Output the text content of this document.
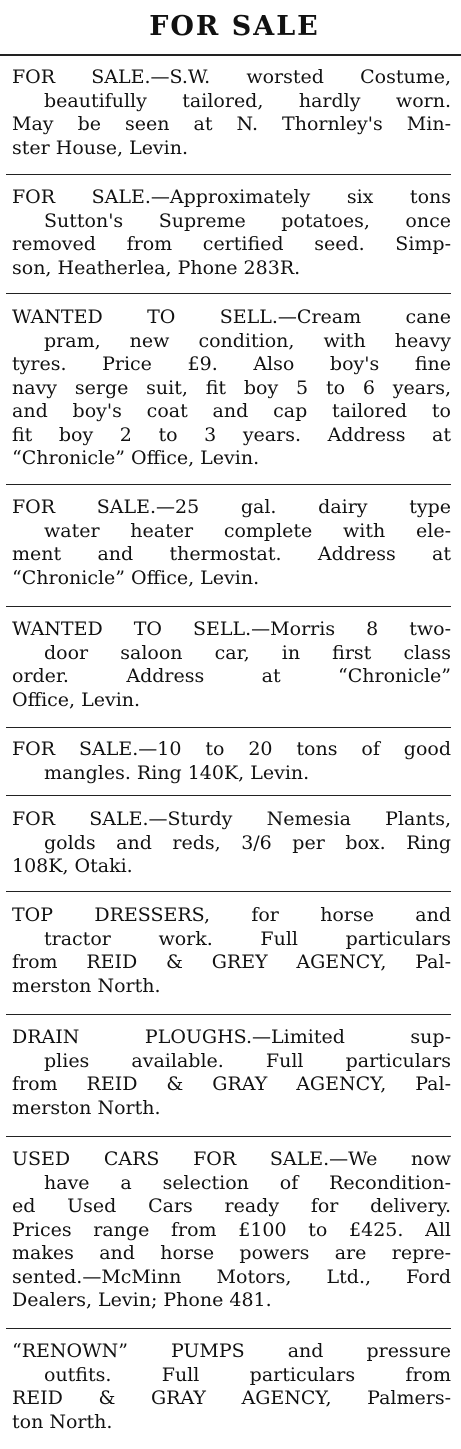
FOR SALE
FOR SALE.—S.W. worsted Costume,
beautifully tailored, hardly worn.
May be seen at N. Thornley's Min-
ster House, Levin.
FOR SALE.—Approximately six tons
Sutton's Supreme potatoes, once
removed from certified seed. Simp-
son, Heatherlea, Phone 283R.
WANTED TO SELL.—Cream cane
pram, new condition, with heavy
tyres. Price £9. Also boy's fine
navy serge suit, fit boy 5 to 6 years,
and boy's coat and cap tailored to
fit boy 2 to 3 years. Address at
“Chronicle” Office, Levin.
FOR SALE.—25 gal. dairy type
water heater complete with ele-
ment and thermostat. Address at
“Chronicle” Office, Levin.
WANTED TO SELL.—Morris 8 two-
door saloon car, in first class
order. Address at “Chronicle”
Office, Levin.
FOR SALE.—10 to 20 tons of good
mangles. Ring 140K, Levin.
FOR SALE.—Sturdy Nemesia Plants,
golds and reds, 3/6 per box. Ring
108K, Otaki.
TOP DRESSERS, for horse and
tractor work. Full particulars
from REID & GREY AGENCY, Pal-
merston North.
DRAIN PLOUGHS.—Limited sup-
plies available. Full particulars
from REID & GRAY AGENCY, Pal-
merston North.
USED CARS FOR SALE.—We now
have a selection of Recondition-
ed Used Cars ready for delivery.
Prices range from £100 to £425. All
makes and horse powers are repre-
sented.—McMinn Motors, Ltd., Ford
Dealers, Levin; Phone 481.
“RENOWN” PUMPS and pressure
outfits. Full particulars from
REID & GRAY AGENCY, Palmers-
ton North.
